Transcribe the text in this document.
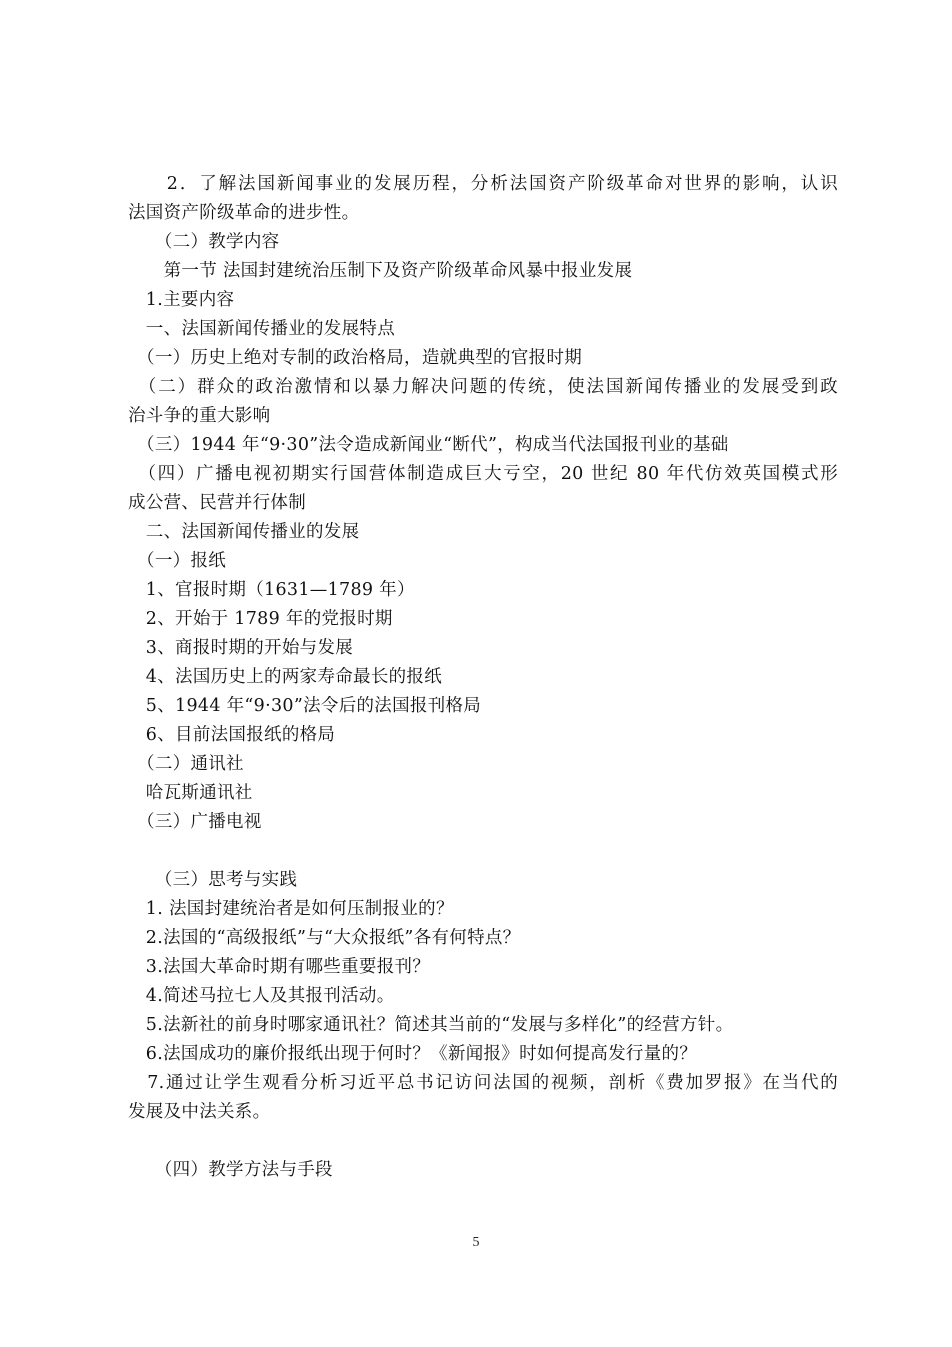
　　2．了解法国新闻事业的发展历程，分析法国资产阶级革命对世界的影响，认识
法国资产阶级革命的进步性。
　　（二）教学内容
　　第一节 法国封建统治压制下及资产阶级革命风暴中报业发展
　1.主要内容
　一、法国新闻传播业的发展特点
　（一）历史上绝对专制的政治格局，造就典型的官报时期
　（二）群众的政治激情和以暴力解决问题的传统，使法国新闻传播业的发展受到政
治斗争的重大影响
　（三）1944 年“9·30”法令造成新闻业“断代”，构成当代法国报刊业的基础
　（四）广播电视初期实行国营体制造成巨大亏空，20 世纪 80 年代仿效英国模式形
成公营、民营并行体制
　二、法国新闻传播业的发展
　（一）报纸
　1、官报时期（1631—1789 年）
　2、开始于 1789 年的党报时期
　3、商报时期的开始与发展
　4、法国历史上的两家寿命最长的报纸
　5、1944 年“9·30”法令后的法国报刊格局
　6、目前法国报纸的格局
　（二）通讯社
　哈瓦斯通讯社
　（三）广播电视
　　（三）思考与实践
　1. 法国封建统治者是如何压制报业的？
　2.法国的“高级报纸”与“大众报纸”各有何特点？
　3.法国大革命时期有哪些重要报刊？
　4.简述马拉七人及其报刊活动。
　5.法新社的前身时哪家通讯社？简述其当前的“发展与多样化”的经营方针。
　6.法国成功的廉价报纸出现于何时？《新闻报》时如何提高发行量的？
　7.通过让学生观看分析习近平总书记访问法国的视频，剖析《费加罗报》在当代的
发展及中法关系。
　　（四）教学方法与手段
5
